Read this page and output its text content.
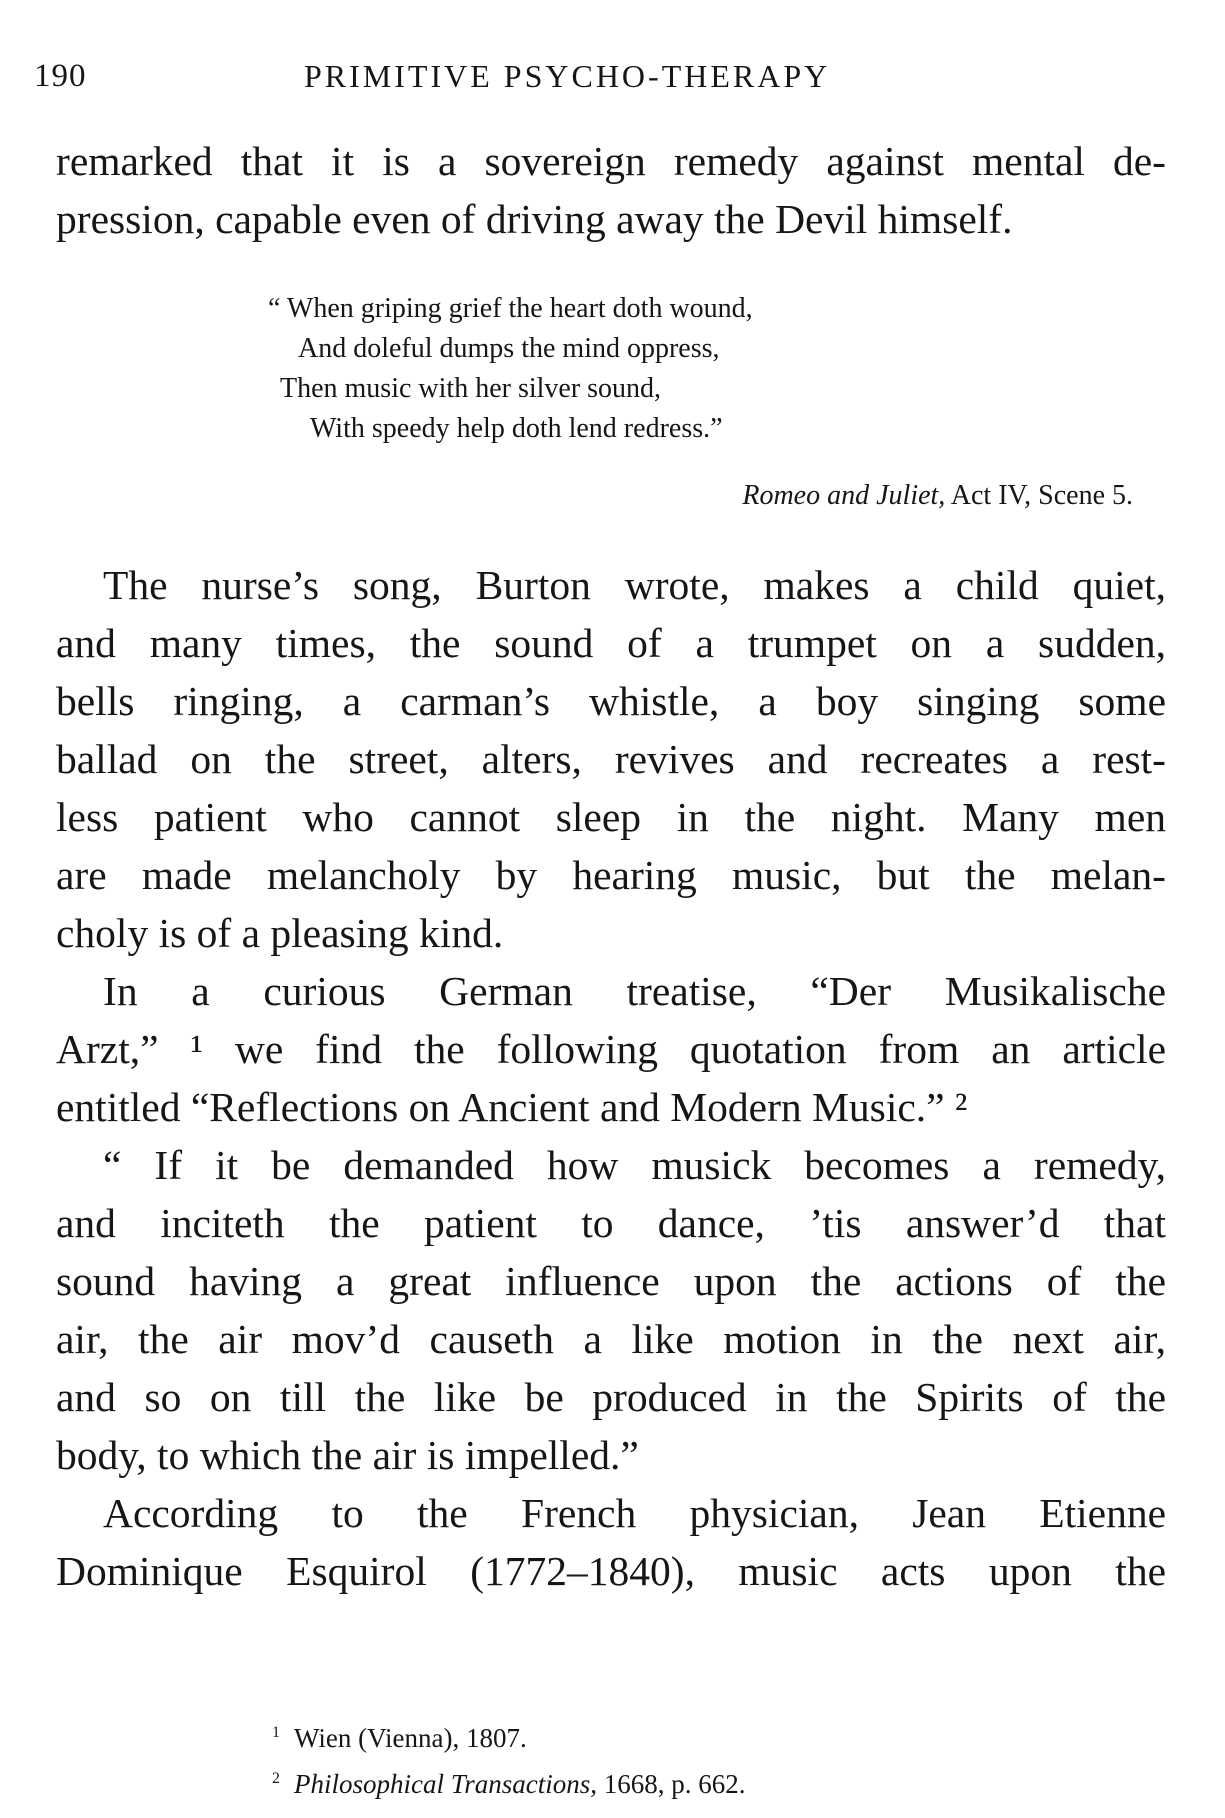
190	PRIMITIVE PSYCHO-THERAPY
remarked that it is a sovereign remedy against mental de-
pression, capable even of driving away the Devil himself.
“ When griping grief the heart doth wound,
And doleful dumps the mind oppress,
Then music with her silver sound,
With speedy help doth lend redress.”
Romeo and Juliet, Act IV, Scene 5.
The nurse’s song, Burton wrote, makes a child quiet,
and many times, the sound of a trumpet on a sudden,
bells ringing, a carman’s whistle, a boy singing some
ballad on the street, alters, revives and recreates a rest-
less patient who cannot sleep in the night. Many men
are made melancholy by hearing music, but the melan-
choly is of a pleasing kind.
In a curious German treatise, “Der Musikalische
Arzt,” ¹ we find the following quotation from an article
entitled “Reflections on Ancient and Modern Music.” ²
“ If it be demanded how musick becomes a remedy,
and inciteth the patient to dance, ’tis answer’d that
sound having a great influence upon the actions of the
air, the air mov’d causeth a like motion in the next air,
and so on till the like be produced in the Spirits of the
body, to which the air is impelled.”
According to the French physician, Jean Etienne
Dominique Esquirol (1772–1840), music acts upon the
$^1$ Wien (Vienna), 1807.
$^2$ Philosophical Transactions, 1668, p. 662.
